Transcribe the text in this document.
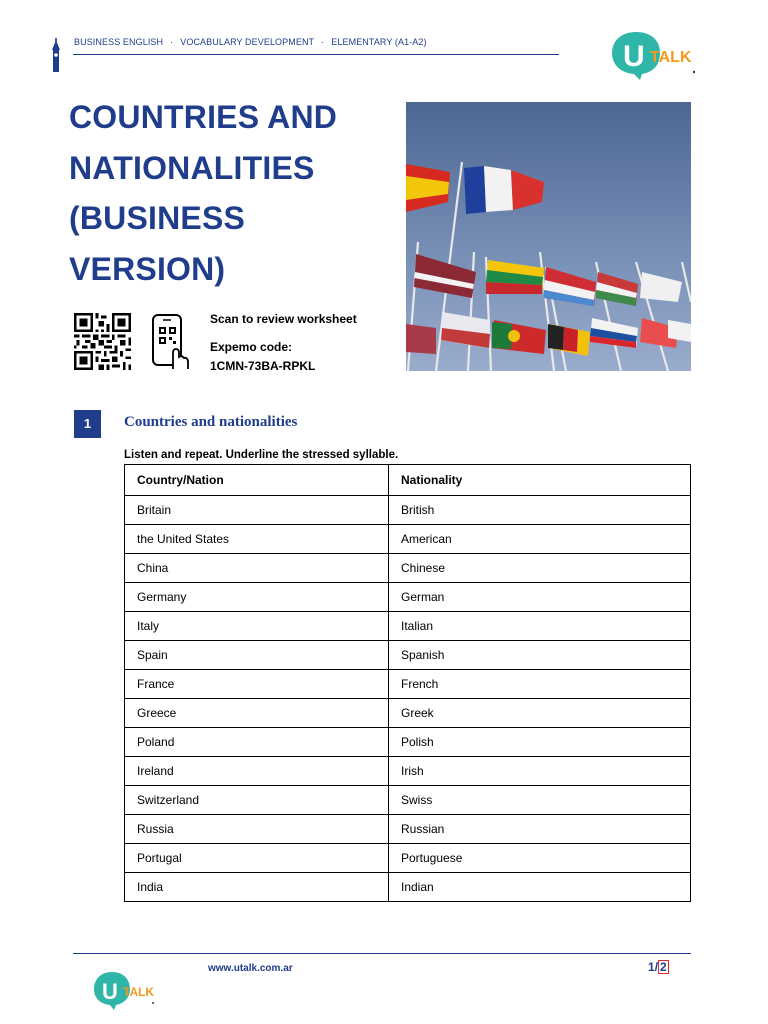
BUSINESS ENGLISH · VOCABULARY DEVELOPMENT · ELEMENTARY (A1-A2)	U TALK
COUNTRIES AND
NATIONALITIES
(BUSINESS
VERSION)
Scan to review worksheet
Expemo code:
1CMN-73BA-RPKL
1	Countries and nationalities
Listen and repeat. Underline the stressed syllable.
Country/Nation	Nationality
Britain	British
the United States	American
China	Chinese
Germany	German
Italy	Italian
Spain	Spanish
France	French
Greece	Greek
Poland	Polish
Ireland	Irish
Switzerland	Swiss
Russia	Russian
Portugal	Portuguese
India	Indian
www.utalk.com.ar	1/ 2
U TALK
